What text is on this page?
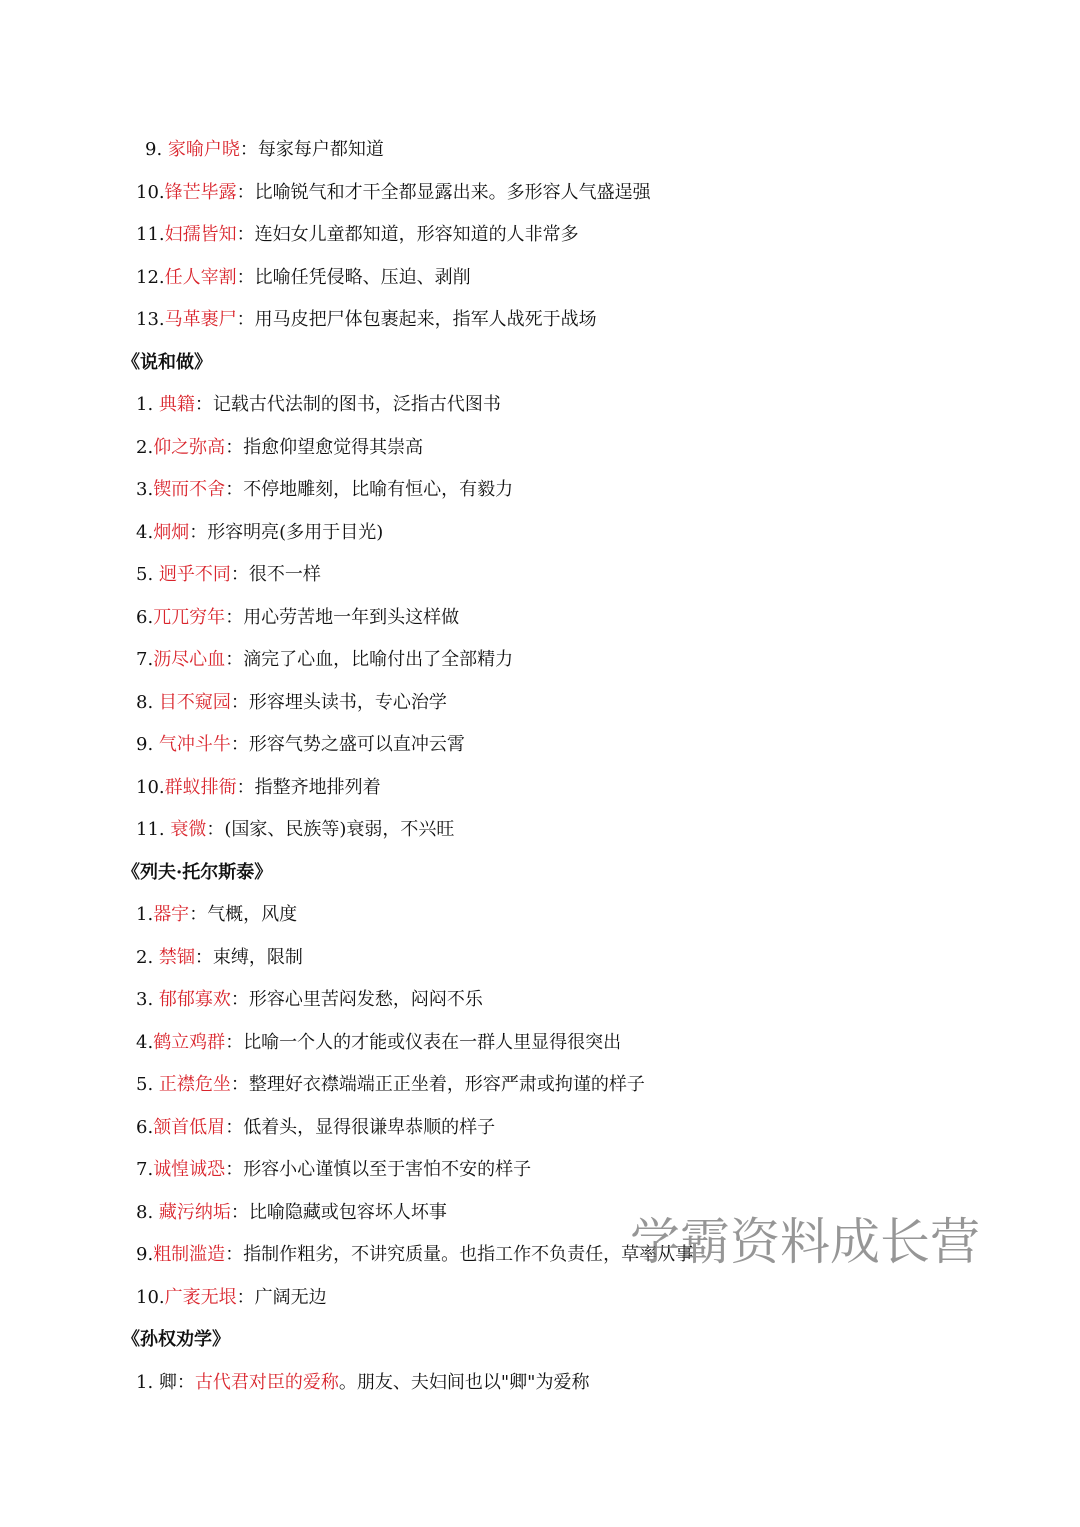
9. 家喻户晓：每家每户都知道
10.锋芒毕露：比喻锐气和才干全都显露出来。多形容人气盛逞强
11.妇孺皆知：连妇女儿童都知道，形容知道的人非常多
12.任人宰割：比喻任凭侵略、压迫、剥削
13.马革裹尸：用马皮把尸体包裹起来，指军人战死于战场
《说和做》
1. 典籍：记载古代法制的图书，泛指古代图书
2.仰之弥高：指愈仰望愈觉得其崇高
3.锲而不舍：不停地雕刻，比喻有恒心，有毅力
4.炯炯：形容明亮(多用于目光)
5. 迥乎不同：很不一样
6.兀兀穷年：用心劳苦地一年到头这样做
7.沥尽心血：滴完了心血，比喻付出了全部精力
8. 目不窥园：形容埋头读书，专心治学
9. 气冲斗牛：形容气势之盛可以直冲云霄
10.群蚁排衙：指整齐地排列着
11. 衰微：(国家、民族等)衰弱，不兴旺
《列夫·托尔斯泰》
1.器宇：气概，风度
2. 禁锢：束缚，限制
3. 郁郁寡欢：形容心里苦闷发愁，闷闷不乐
4.鹤立鸡群：比喻一个人的才能或仪表在一群人里显得很突出
5. 正襟危坐：整理好衣襟端端正正坐着，形容严肃或拘谨的样子
6.颔首低眉：低着头，显得很谦卑恭顺的样子
7.诚惶诚恐：形容小心谨慎以至于害怕不安的样子
8. 藏污纳垢：比喻隐藏或包容坏人坏事
9.粗制滥造：指制作粗劣，不讲究质量。也指工作不负责任，草率从事
10.广袤无垠：广阔无边
《孙权劝学》
1. 卿：古代君对臣的爱称。朋友、夫妇间也以"卿"为爱称
学霸资料成长营
